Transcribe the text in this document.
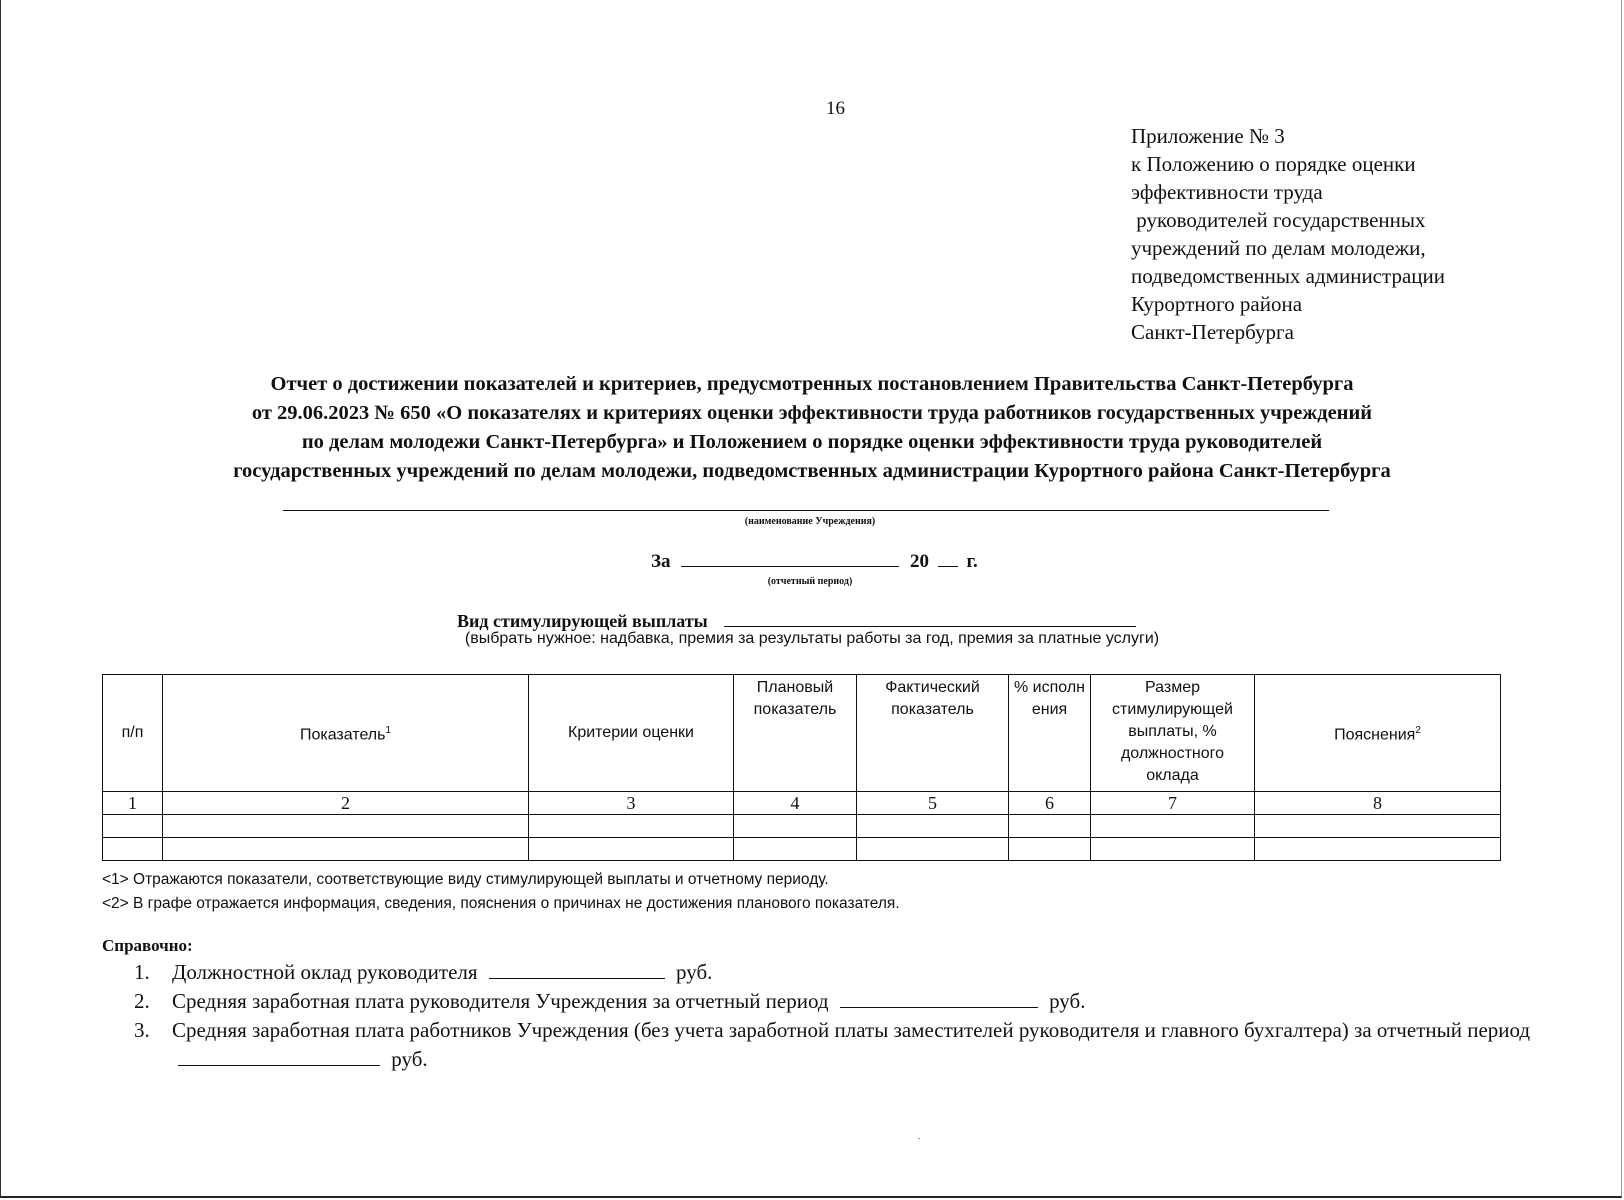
16
Приложение № 3
к Положению о порядке оценки
эффективности труда
руководителей государственных
учреждений по делам молодежи,
подведомственных администрации
Курортного района
Санкт-Петербурга
Отчет о достижении показателей и критериев, предусмотренных постановлением Правительства Санкт-Петербурга
от 29.06.2023 № 650 «О показателях и критериях оценки эффективности труда работников государственных учреждений
по делам молодежи Санкт-Петербурга» и Положением о порядке оценки эффективности труда руководителей
государственных учреждений по делам молодежи, подведомственных администрации Курортного района Санкт-Петербурга
(наименование Учреждения)
За	20 г.
(отчетный период)
Вид стимулирующей выплаты
(выбрать нужное: надбавка, премия за результаты работы за год, премия за платные услуги)
п/п	Показатель$^1$	Критерии оценки	Плановый показатель	Фактический показатель	% исполнения	Размер стимулирующей выплаты, % должностного оклада	Пояснения$^2$
1	2	3	4	5	6	7	8

<1> Отражаются показатели, соответствующие виду стимулирующей выплаты и отчетному периоду.
<2> В графе отражается информация, сведения, пояснения о причинах не достижения планового показателя.
Справочно:
1.	Должностной оклад руководителя	руб.
2.	Средняя заработная плата руководителя Учреждения за отчетный период	руб.
3.	Средняя заработная плата работников Учреждения (без учета заработной платы заместителей руководителя и главного бухгалтера) за отчетный период  руб.
